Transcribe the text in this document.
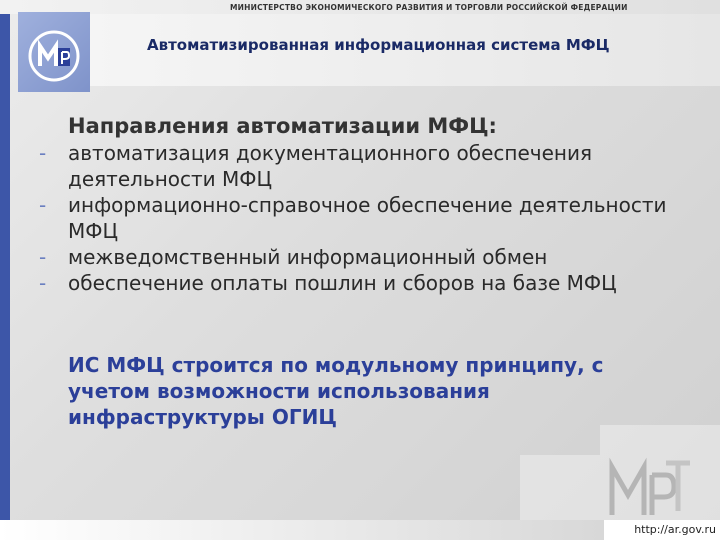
МИНИСТЕРСТВО ЭКОНОМИЧЕСКОГО РАЗВИТИЯ И ТОРГОВЛИ РОССИЙСКОЙ ФЕДЕРАЦИИ
Автоматизированная информационная система МФЦ
Направления автоматизации МФЦ:
- автоматизация документационного обеспечения деятельности МФЦ
- информационно-справочное обеспечение деятельности МФЦ
- межведомственный информационный обмен
- обеспечение оплаты пошлин и сборов на базе МФЦ
ИС МФЦ строится по модульному принципу, с учетом возможности использования инфраструктуры ОГИЦ
http://ar.gov.ru
